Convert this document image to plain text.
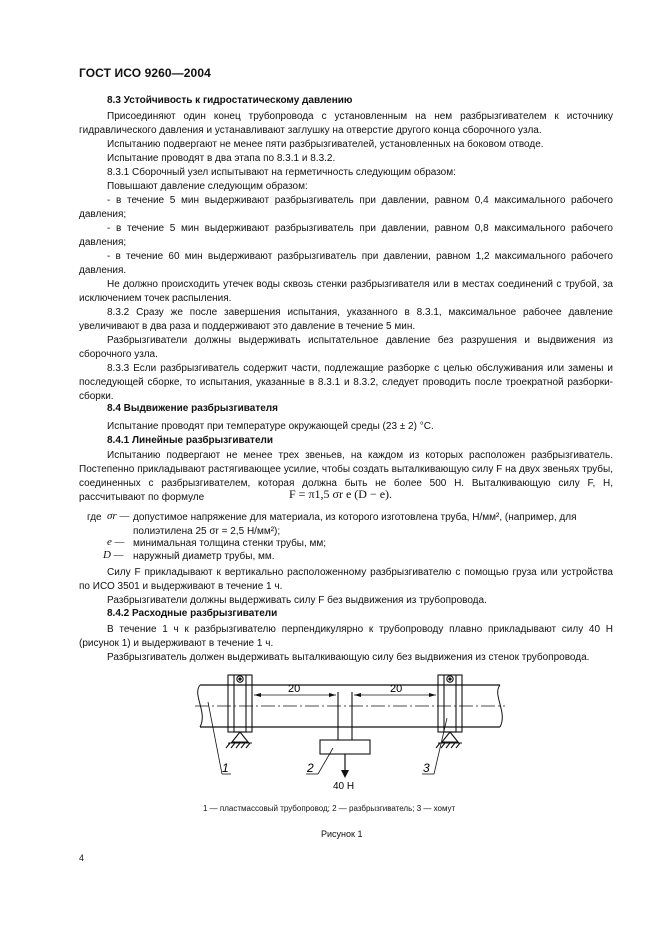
ГОСТ ИСО 9260—2004
8.3 Устойчивость к гидростатическому давлению
Присоединяют один конец трубопровода с установленным на нем разбрызгивателем к источнику гидравлического давления и устанавливают заглушку на отверстие другого конца сборочного узла.
Испытанию подвергают не менее пяти разбрызгивателей, установленных на боковом отводе.
Испытание проводят в два этапа по 8.3.1 и 8.3.2.
8.3.1 Сборочный узел испытывают на герметичность следующим образом:
Повышают давление следующим образом:
- в течение 5 мин выдерживают разбрызгиватель при давлении, равном 0,4 максимального рабочего давления;
- в течение 5 мин выдерживают разбрызгиватель при давлении, равном 0,8 максимального рабочего давления;
- в течение 60 мин выдерживают разбрызгиватель при давлении, равном 1,2 максимального рабочего давления.
Не должно происходить утечек воды сквозь стенки разбрызгивателя или в местах соединений с трубой, за исключением точек распыления.
8.3.2 Сразу же после завершения испытания, указанного в 8.3.1, максимальное рабочее давление увеличивают в два раза и поддерживают это давление в течение 5 мин.
Разбрызгиватели должны выдерживать испытательное давление без разрушения и выдвижения из сборочного узла.
8.3.3 Если разбрызгиватель содержит части, подлежащие разборке с целью обслуживания или замены и последующей сборке, то испытания, указанные в 8.3.1 и 8.3.2, следует проводить после троекратной разборки-сборки.
8.4 Выдвижение разбрызгивателя
Испытание проводят при температуре окружающей среды (23 ± 2) °С.
8.4.1 Линейные разбрызгиватели
Испытанию подвергают не менее трех звеньев, на каждом из которых расположен разбрызгиватель. Постепенно прикладывают растягивающее усилие, чтобы создать выталкивающую силу F на двух звеньях трубы, соединенных с разбрызгивателем, которая должна быть не более 500 Н. Выталкивающую силу F, Н, рассчитывают по формуле	F = π1,5 σr e (D − e).
где σr — допустимое напряжение для материала, из которого изготовлена труба, Н/мм², (например, для полиэтилена 25 σr = 2,5 Н/мм²);
e — минимальная толщина стенки трубы, мм;
D — наружный диаметр трубы, мм.
Силу F прикладывают к вертикально расположенному разбрызгивателю с помощью груза или устройства по ИСО 3501 и выдерживают в течение 1 ч.
Разбрызгиватели должны выдерживать силу F без выдвижения из трубопровода.
8.4.2 Расходные разбрызгиватели
В течение 1 ч к разбрызгивателю перпендикулярно к трубопроводу плавно прикладывают силу 40 Н (рисунок 1) и выдерживают в течение 1 ч.
Разбрызгиватель должен выдерживать выталкивающую силу без выдвижения из стенок трубопровода.
20	20
40 Н
1	2	3
1 — пластмассовый трубопровод; 2 — разбрызгиватель; 3 — хомут
Рисунок 1
4
